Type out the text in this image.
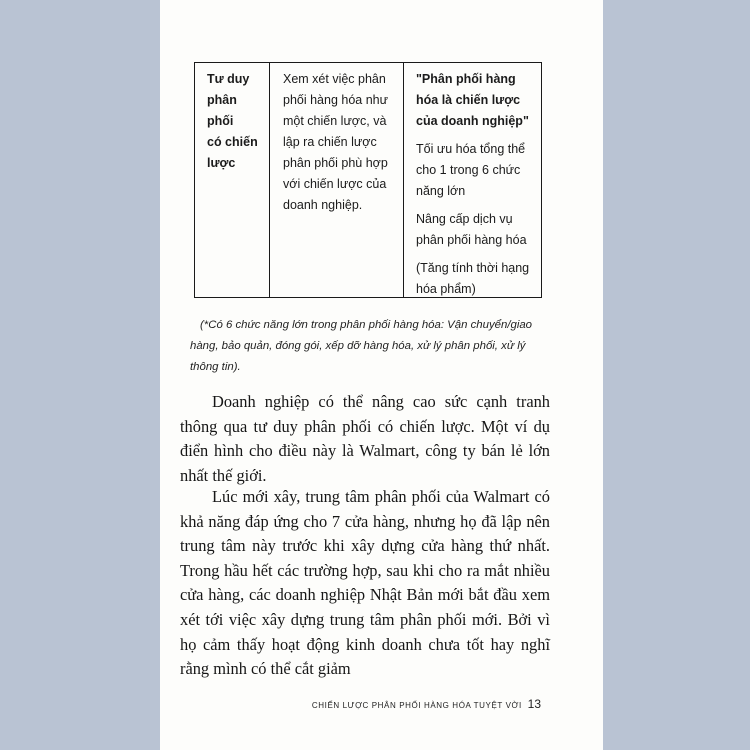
Tư duy
phân phối
có chiến
lược
Xem xét việc phân
phối hàng hóa như
một chiến lược, và
lập ra chiến lược
phân phối phù hợp
với chiến lược của
doanh nghiệp.

"Phân phối hàng hóa là chiến lược của doanh nghiệp"

Tối ưu hóa tổng thể cho 1 trong 6 chức năng lớn

Nâng cấp dịch vụ phân phối hàng hóa

(Tăng tính thời hạng hóa phẩm)

(*Có 6 chức năng lớn trong phân phối hàng hóa: Vận chuyển/giao hàng, bảo quản, đóng gói, xếp dỡ hàng hóa, xử lý phân phối, xử lý thông tin).
Doanh nghiệp có thể nâng cao sức cạnh tranh thông qua tư duy phân phối có chiến lược. Một ví dụ điển hình cho điều này là Walmart, công ty bán lẻ lớn nhất thế giới.
Lúc mới xây, trung tâm phân phối của Walmart có khả năng đáp ứng cho 7 cửa hàng, nhưng họ đã lập nên trung tâm này trước khi xây dựng cửa hàng thứ nhất. Trong hầu hết các trường hợp, sau khi cho ra mắt nhiều cửa hàng, các doanh nghiệp Nhật Bản mới bắt đầu xem xét tới việc xây dựng trung tâm phân phối mới. Bởi vì họ cảm thấy hoạt động kinh doanh chưa tốt hay nghĩ rằng mình có thể cắt giảm
CHIẾN LƯỢC PHÂN PHỐI HÀNG HÓA TUYỆT VỜI 13
